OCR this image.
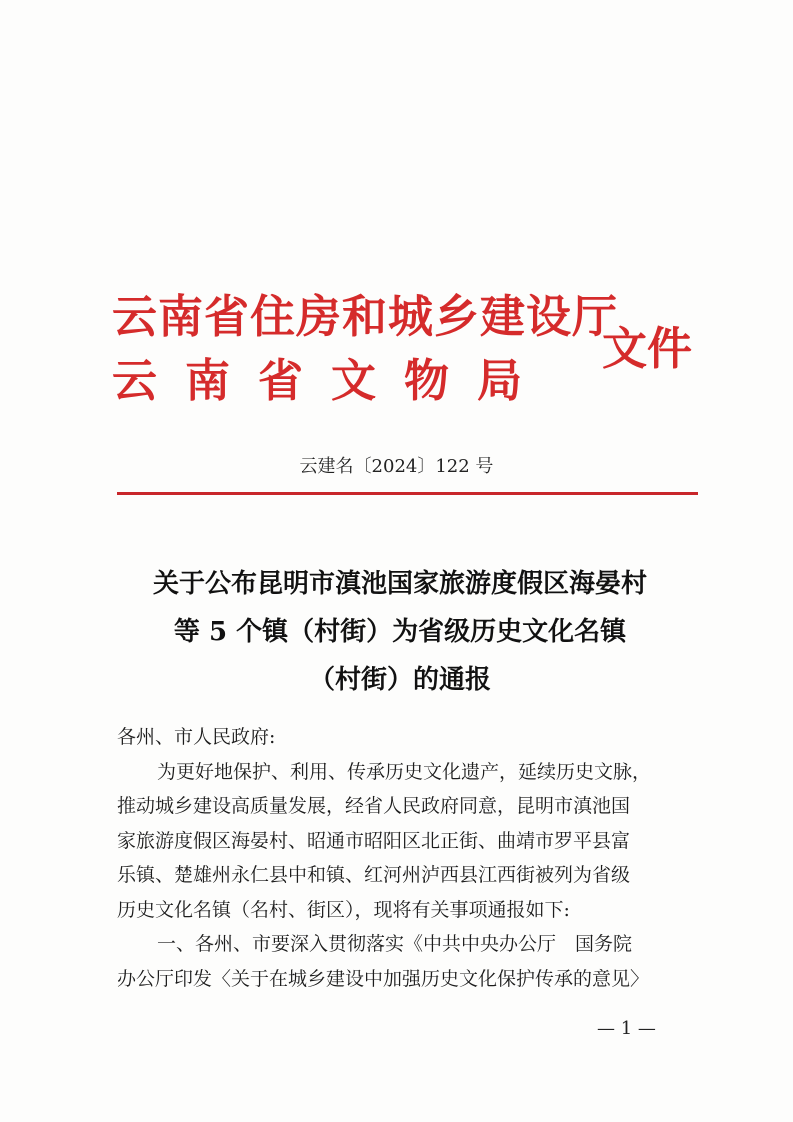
云南省住房和城乡建设厅
云南省文物局
文件
云建名〔2024〕122 号
关于公布昆明市滇池国家旅游度假区海晏村
等 5 个镇（村街）为省级历史文化名镇
（村街）的通报
各州、市人民政府:
为更好地保护、利用、传承历史文化遗产，延续历史文脉，
推动城乡建设高质量发展，经省人民政府同意，昆明市滇池国
家旅游度假区海晏村、昭通市昭阳区北正街、曲靖市罗平县富
乐镇、楚雄州永仁县中和镇、红河州泸西县江西街被列为省级
历史文化名镇（名村、街区），现将有关事项通报如下:
一、各州、市要深入贯彻落实《中共中央办公厅　国务院
办公厅印发〈关于在城乡建设中加强历史文化保护传承的意见〉
— 1 —
